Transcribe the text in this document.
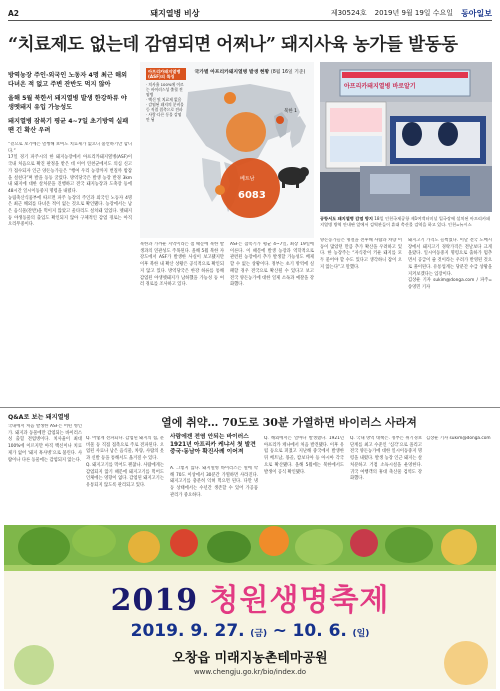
A2	돼지열병 비상	제30524호 2019년 9월 19일 수요일 동아일보
“치료제도 없는데 감염되면 어쩌나” 돼지사육 농가들 발동동

방역농장 주인·외국인 노동자 4명 최근 해외 다녀온 적 없고 주변 잔반도 먹지 않아

올해 5월 북한서 돼지열병 발생 한강하류 야생멧돼지 유입 가능성도

돼지열병 잠복기 평균 4~7일 초기방역 실패땐 긴 확산 우려

“겉으로 보기에는 멀쩡해 보여도 치료제가 없으니 불안하기만 합니다.”

17일 경기 파주시의 한 돼지농장에서 아프리카돼지열병(ASF)이 국내 처음으로 확진 판정을 받은 데 이어 연천군에서도 의심 신고가 접수되자 인근 양돈농가들은 “행여 우리 농장까지 번질까 밤잠을 설친다”며 발을 동동 굴렀다. 방역당국은 발생 농장 반경 3km 내 돼지에 대한 살처분을 진행하고 전국 돼지농장과 도축장 등에 48시간 일시이동중지 명령을 내렸다.

농림축산식품부에 따르면 파주 농장의 주인과 외국인 노동자 4명은 최근 해외를 다녀온 적이 없는 것으로 확인됐다. 농장에서는 남은 음식물(잔반)을 먹이지 않았고 울타리도 설치돼 있었다. 멧돼지 등 야생동물의 출입도 확인되지 않아 구체적인 감염 경로는 아직 오리무중이다.

아프리카돼지열병 (ASF)의 특징
· 치사율 100%에 이르는 바이러스성 출혈 전염병
· 백신 및 치료제 없음
· 감염된 돼지의 분비물 등 직접 접촉으로 전파
· 사람·다른 동물 감염 안 됨
국가별 아프리카돼지열병 발생 현황 (8월 16일 기준)
북한 1
베트남
6083

북한과 가까운 지역이라는 점 때문에 북한 발생과의 연관성도 주목된다. 올해 5월 북한 자강도에서 ASF가 발생한 사실이 보고됐지만 이후 북한 내 확산 상황은 공식적으로 확인되지 않고 있다. 방역당국은 한강 하류를 통해 감염된 야생멧돼지가 남하했을 가능성 등 여러 경로를 조사하고 있다.

ASF는 잠복기가 평균 4~7일, 최장 19일에 이른다. 이 때문에 발생 농장과 역학적으로 관련된 농장에서 추가 발생할 가능성도 배제할 수 없는 상황이다. 정부는 초기 방역에 실패할 경우 전국으로 확산될 수 있다고 보고 전국 양돈농가에 대한 일제 소독과 예찰을 강화했다.

아프리카돼지열병 바로알기
공항서도 돼지열병 감염 방지 18일 인천국제공항 제1여객터미널 입국장에 설치된 아프리카돼지열병 방역 안내판 앞에서 검역관들이 휴대 축산물 검역을 하고 있다. 인천=뉴시스

양돈농가들은 명절을 전후해 사람과 차량 이동이 많았던 만큼 추가 확산을 우려하고 있다. 한 농장주는 “자식같이 키운 돼지를 모두 묻어야 할 수도 있다고 생각하니 잠이 오지 않는다”고 말했다.

돼지고기 가격도 들썩였다. 이날 전국 도매시장에서 돼지고기 경락가격은 전날보다 크게 올랐다. 일시이동중지 명령으로 출하가 멈추면서 공급이 줄 것이라는 우려가 반영된 것으로 풀이된다. 유통업계는 당분간 수급 상황을 지켜보겠다는 입장이다.

김상운 기자 sukim@donga.com / 파주=송영민 기자

Q&A로 보는 돼지열병	열에 취약… 70도로 30분 가열하면 바이러스 사라져

국내에서 처음 발생한 ASF는 어떤 병인가. 돼지과 동물에만 감염되는 바이러스성 출혈 전염병이다. 치사율이 최대 100%에 이르지만 아직 백신이나 치료제가 없어 ‘돼지 흑사병’으로 불린다. 사람이나 다른 동물에는 감염되지 않는다.

Q. 어떻게 전파되나. 감염된 돼지의 침, 분비물 등 직접 접촉으로 주로 전파된다. 오염된 사료나 남은 음식물, 차량, 사람의 옷과 신발 등을 통해서도 옮겨질 수 있다.

Q. 돼지고기를 먹어도 괜찮나. 사람에게는 감염되지 않기 때문에 돼지고기를 먹어도 인체에는 영향이 없다. 감염된 돼지고기는 유통되지 않도록 관리되고 있다.

사람에겐 전염 안되는 바이러스 1921년 아프리카 케냐서 첫 발견 중국·동남아 확진사례 이어져

A. 그렇지 않다. 돼지열병 바이러스는 열에 약해 70도 이상에서 30분간 가열하면 사라진다. 돼지고기를 충분히 익혀 먹으면 된다. 다만 냉동 상태에서는 수년간 생존할 수 있어 가공품 관리가 중요하다.

Q. 해외에서는 얼마나 발생했나. 1921년 아프리카 케냐에서 처음 발견됐다. 이후 유럽 등으로 퍼졌고 지난해 중국에서 발생한 뒤 베트남, 몽골, 캄보디아 등 아시아 각국으로 확산됐다. 올해 5월에는 북한에서도 발생이 공식 확인됐다.

Q. 국내 방역 대책은. 정부는 위기경보 단계를 최고 수준인 ‘심각’으로 올리고 전국 양돈농가에 대한 일시이동중지 명령을 내렸다. 발생 농장 인근 돼지는 살처분하고 거점 소독시설을 운영한다. 귀국 여행객의 휴대 축산물 검역도 강화했다.

김상운 기자 sukim@donga.com

2019 청원생명축제
2019. 9. 27. (금) ~ 10. 6. (일)
오창읍 미래지농촌테마공원
www.chengju.go.kr/bio/index.do
